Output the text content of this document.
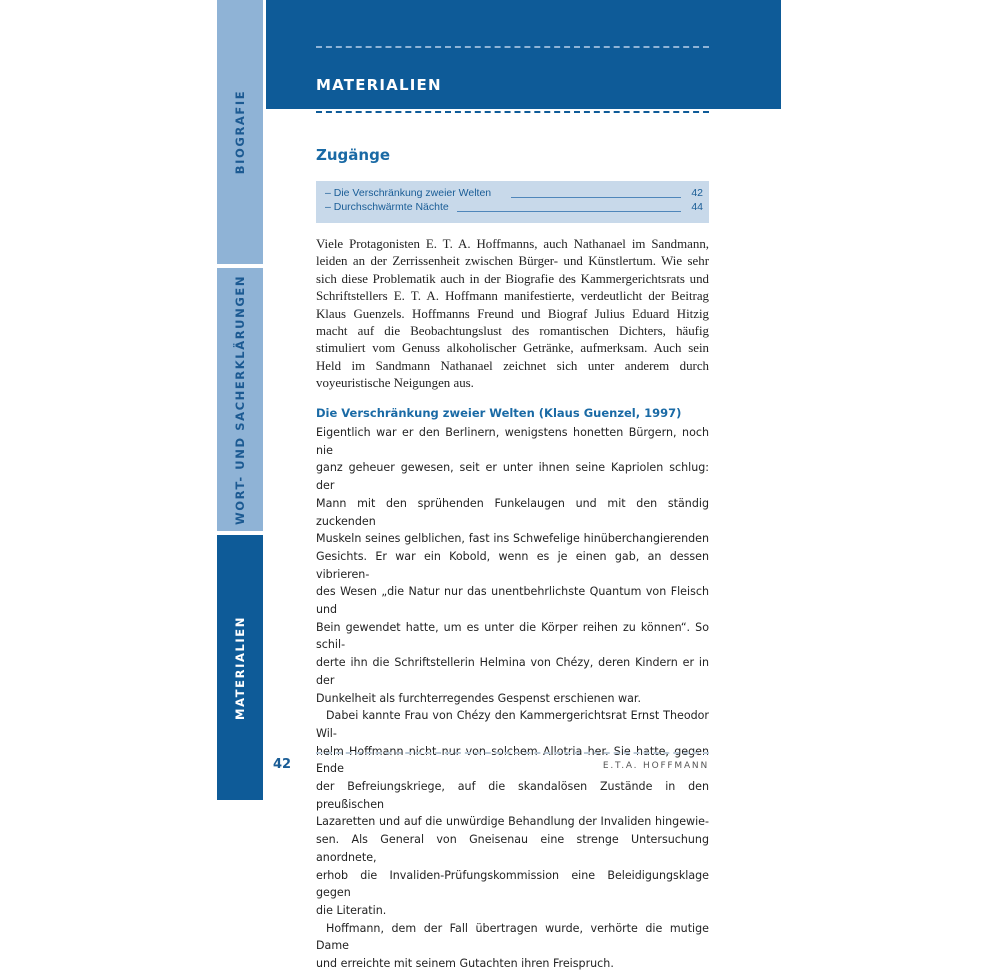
BIOGRAFIE
WORT- UND SACHERKLÄRUNGEN
MATERIALIEN
MATERIALIEN
Zugänge
– Die Verschränkung zweier Welten	42
– Durchschwärmte Nächte	44
Viele Protagonisten E. T. A. Hoffmanns, auch Nathanael im Sandmann, leiden an der Zerrissenheit zwischen Bürger- und Künstlertum. Wie sehr sich diese Problematik auch in der Biografie des Kammergerichtsrats und Schriftstellers E. T. A. Hoffmann manifestierte, verdeutlicht der Beitrag Klaus Guenzels. Hoffmanns Freund und Biograf Julius Eduard Hitzig macht auf die Beobachtungslust des romantischen Dichters, häufig stimuliert vom Genuss alkoholischer Getränke, aufmerksam. Auch sein Held im Sandmann Nathanael zeichnet sich unter anderem durch voyeuristische Neigungen aus.
Die Verschränkung zweier Welten (Klaus Guenzel, 1997)

Eigentlich war er den Berlinern, wenigstens honetten Bürgern, noch nie

ganz geheuer gewesen, seit er unter ihnen seine Kapriolen schlug: der

Mann mit den sprühenden Funkelaugen und mit den ständig zuckenden

Muskeln seines gelblichen, fast ins Schwefelige hinüberchangierenden

Gesichts. Er war ein Kobold, wenn es je einen gab, an dessen vibrieren-

des Wesen „die Natur nur das unentbehrlichste Quantum von Fleisch und

Bein gewendet hatte, um es unter die Körper reihen zu können“. So schil-

derte ihn die Schriftstellerin Helmina von Chézy, deren Kindern er in der

Dunkelheit als furchterregendes Gespenst erschienen war.

Dabei kannte Frau von Chézy den Kammergerichtsrat Ernst Theodor Wil-

helm Hoffmann nicht nur von solchem Allotria her. Sie hatte, gegen Ende

der Befreiungskriege, auf die skandalösen Zustände in den preußischen

Lazaretten und auf die unwürdige Behandlung der Invaliden hingewie-

sen. Als General von Gneisenau eine strenge Untersuchung anordnete,

erhob die Invaliden-Prüfungskommission eine Beleidigungsklage gegen

die Literatin.

Hoffmann, dem der Fall übertragen wurde, verhörte die mutige Dame

und erreichte mit seinem Gutachten ihren Freispruch.

42	E.T.A. HOFFMANN
